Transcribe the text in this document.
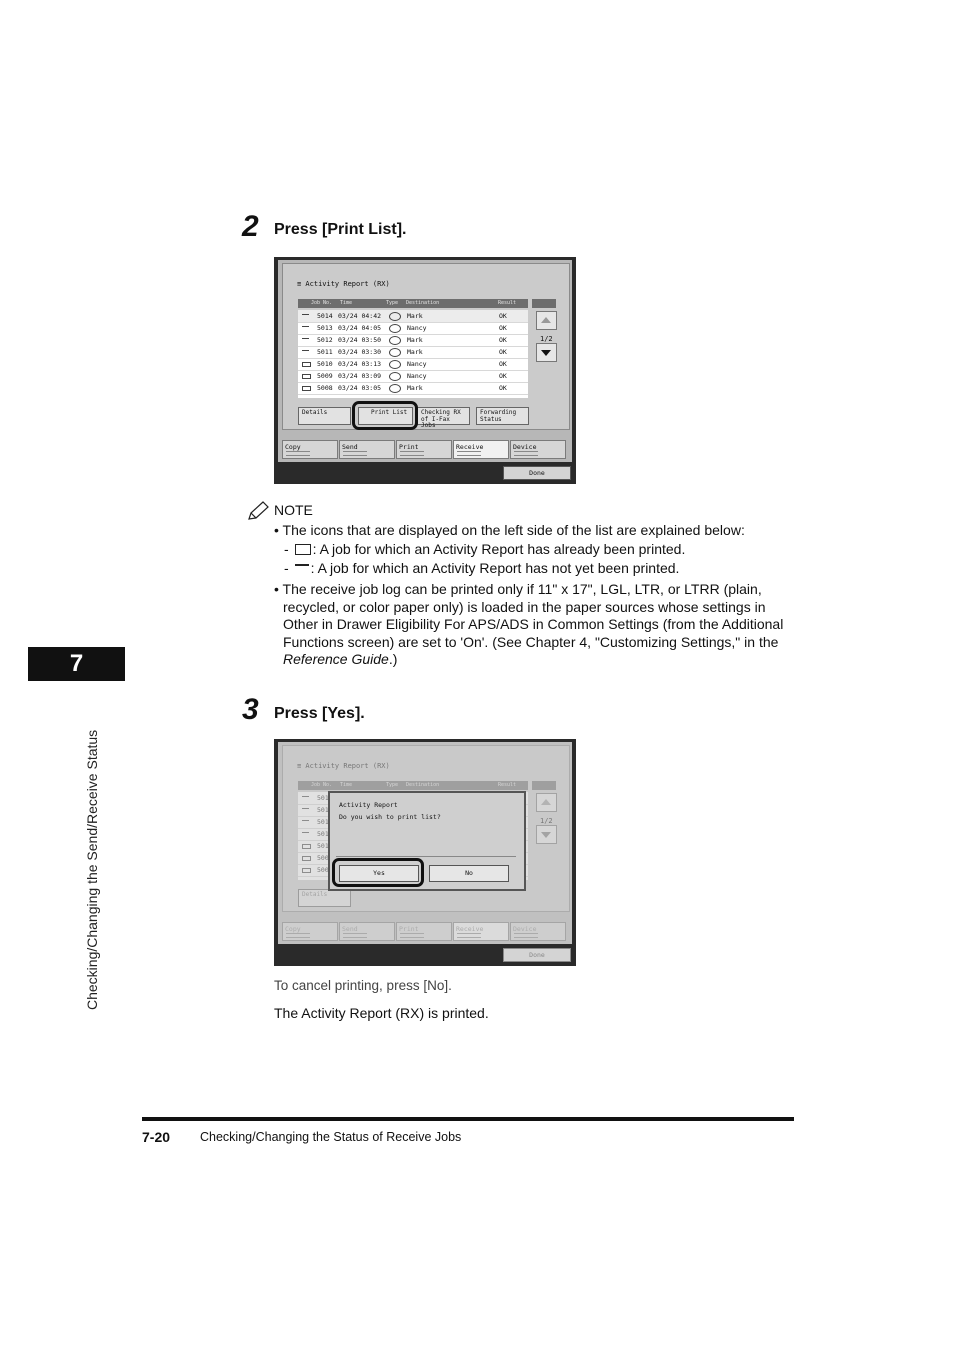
7
Checking/Changing the Send/Receive Status
2 Press [Print List].
≡ Activity Report (RX)
Job No. Time	Type Destination	Result
5014 03/24 04:42	Mark	OK
5013 03/24 04:05	Nancy	OK
5012 03/24 03:50	Mark	OK
5011 03/24 03:30	Mark	OK
5010 03/24 03:13	Nancy	OK
5009 03/24 03:09	Nancy	OK
5008 03/24 03:05	Mark	OK
1/2
Details	Print List	Checking RX of I-Fax Jobs
Forwarding Status
Copy	Send	Print	Receive	Device
Done
NOTE
• The icons that are displayed on the left side of the list are explained below:
- : A job for which an Activity Report has already been printed.
- : A job for which an Activity Report has not yet been printed.
• The receive job log can be printed only if 11" x 17", LGL, LTR, or LTRR (plain, recycled, or color paper only) is loaded in the paper sources whose settings in Other in Drawer Eligibility For APS/ADS in Common Settings (from the Additional Functions screen) are set to 'On'. (See Chapter 4, "Customizing Settings," in the Reference Guide.)
3 Press [Yes].
Activity Report
Do you wish to print list?
Yes	No
Done
To cancel printing, press [No].
The Activity Report (RX) is printed.
7-20 Checking/Changing the Status of Receive Jobs
